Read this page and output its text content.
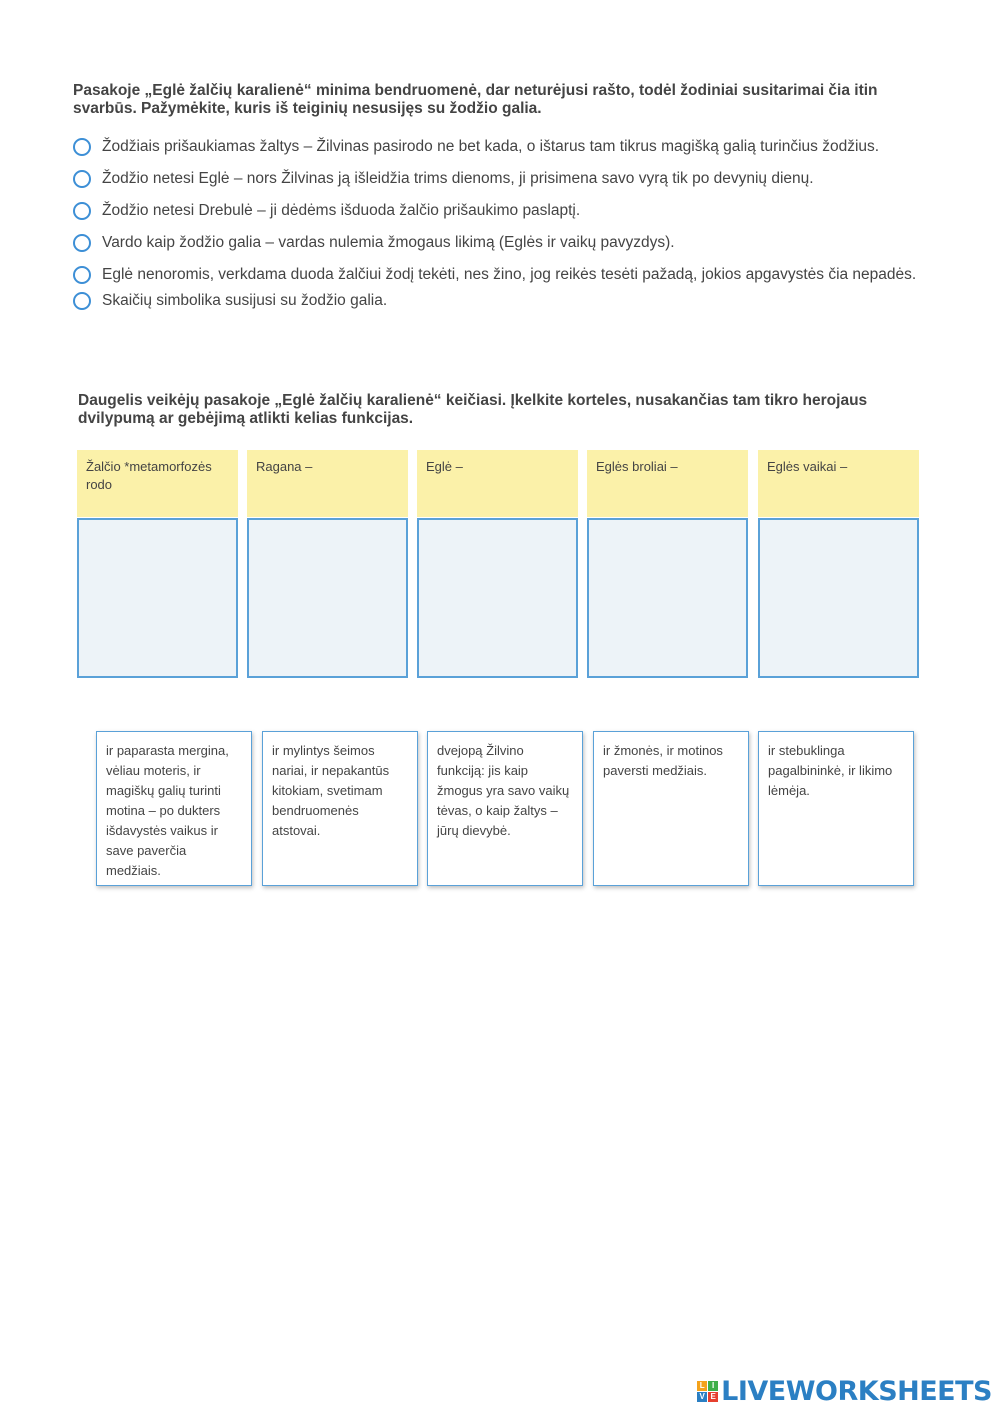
Pasakoje „Eglė žalčių karalienė“ minima bendruomenė, dar neturėjusi rašto, todėl žodiniai susitarimai čia itin svarbūs. Pažymėkite, kuris iš teiginių nesusijęs su žodžio galia.

Žodžiais prišaukiamas žaltys – Žilvinas pasirodo ne bet kada, o ištarus tam tikrus magišką galią turinčius žodžius.
Žodžio netesi Eglė – nors Žilvinas ją išleidžia trims dienoms, ji prisimena savo vyrą tik po devynių dienų.
Žodžio netesi Drebulė – ji dėdėms išduoda žalčio prišaukimo paslaptį.
Vardo kaip žodžio galia – vardas nulemia žmogaus likimą (Eglės ir vaikų pavyzdys).
Eglė nenoromis, verkdama duoda žalčiui žodį tekėti, nes žino, jog reikės tesėti pažadą, jokios apgavystės čia nepadės.
Skaičių simbolika susijusi su žodžio galia.

Daugelis veikėjų pasakoje „Eglė žalčių karalienė“ keičiasi. Įkelkite korteles, nusakančias tam tikro herojaus dvilypumą ar gebėjimą atlikti kelias funkcijas.

Žalčio *metamorfozės rodo
Ragana –	Eglė –	Eglės broliai –	Eglės vaikai –
ir paparasta mergina, vėliau moteris, ir magiškų galių turinti motina – po dukters išdavystės vaikus ir save paverčia medžiais.
ir mylintys šeimos nariai, ir nepakantūs kitokiam, svetimam bendruomenės atstovai.
dvejopą Žilvino funkciją: jis kaip žmogus yra savo vaikų tėvas, o kaip žaltys – jūrų dievybė.
ir žmonės, ir motinos paversti medžiais.
ir stebuklinga pagalbininkė, ir likimo lėmėja.
L I
V E LIVEWORKSHEETS
